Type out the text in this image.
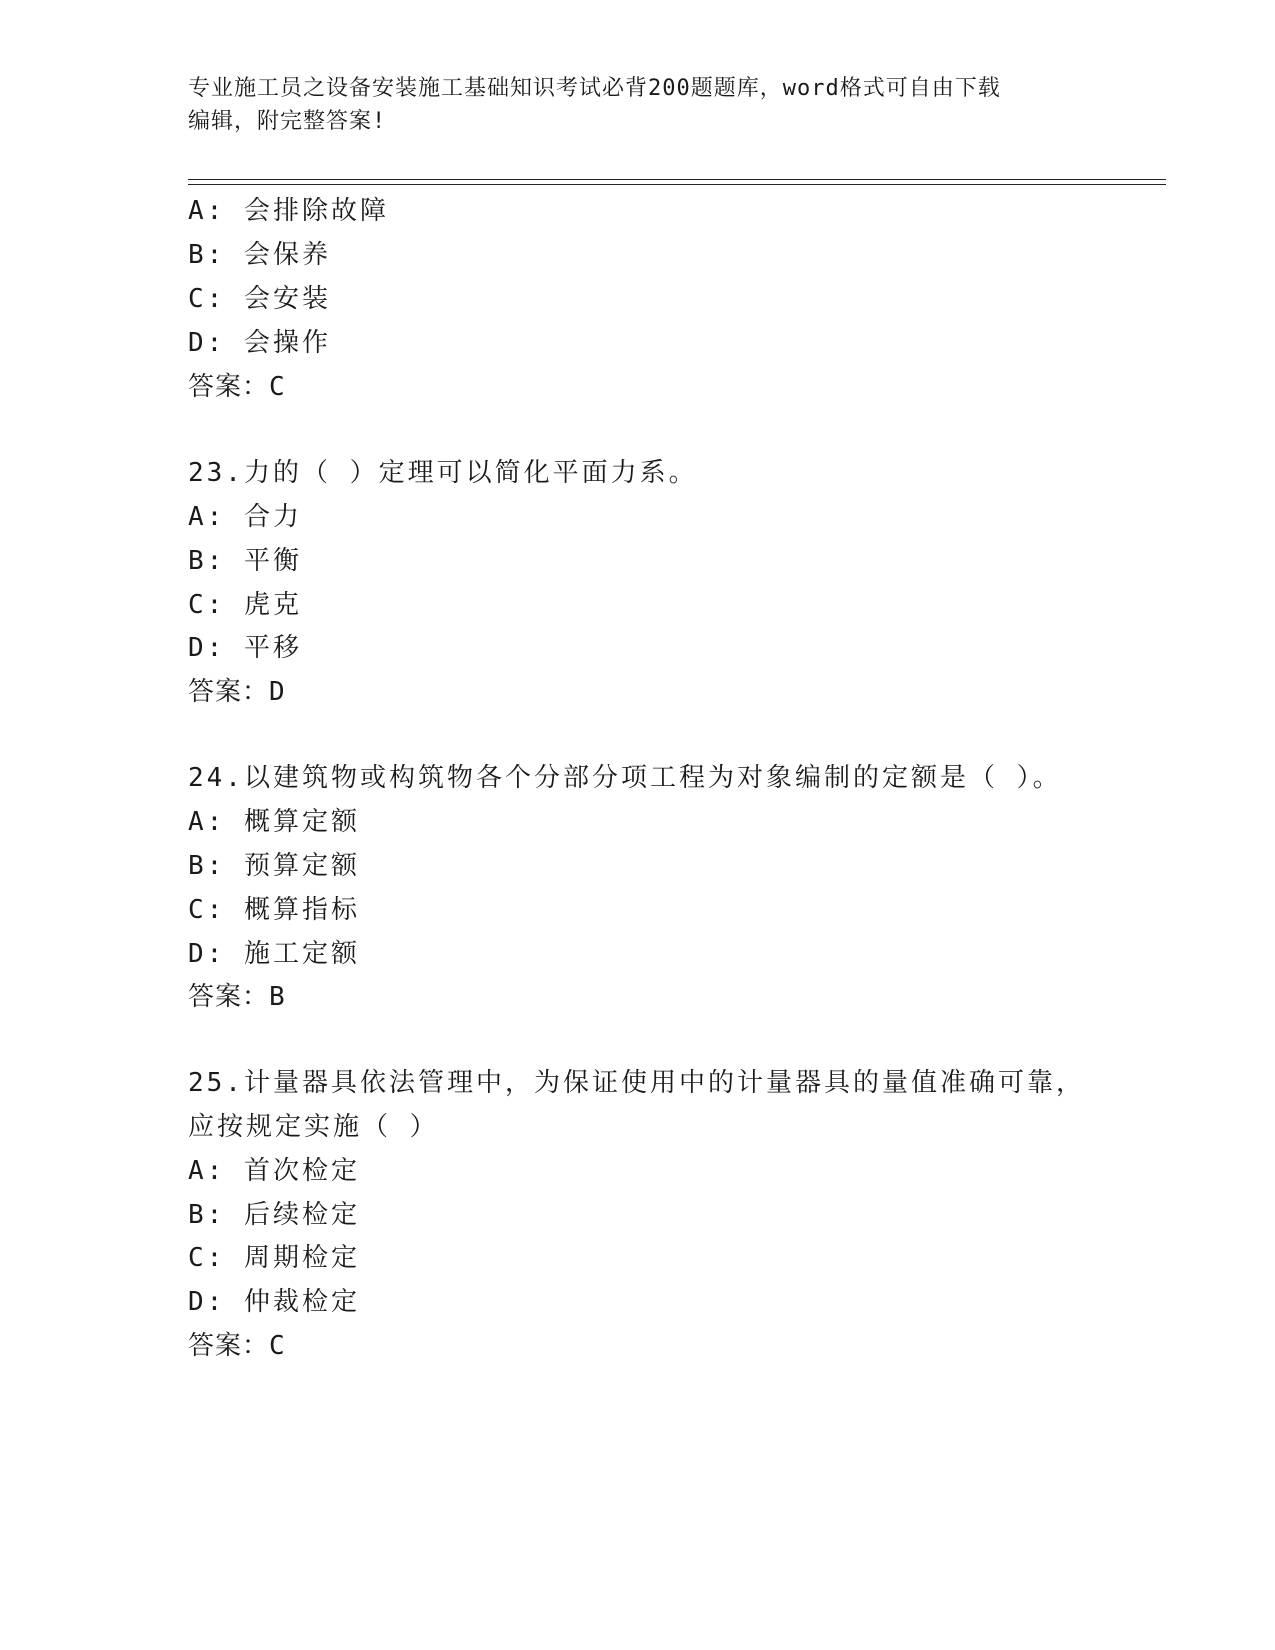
专业施工员之设备安装施工基础知识考试必背200题题库，word格式可自由下载
编辑，附完整答案!
A: 会排除故障
B: 会保养
C: 会安装
D: 会操作
答案：C
23.力的（ ）定理可以简化平面力系。
A: 合力
B: 平衡
C: 虎克
D: 平移
答案：D
24.以建筑物或构筑物各个分部分项工程为对象编制的定额是（ ）。
A: 概算定额
B: 预算定额
C: 概算指标
D: 施工定额
答案：B
25.计量器具依法管理中，为保证使用中的计量器具的量值准确可靠，
应按规定实施（ ）
A: 首次检定
B: 后续检定
C: 周期检定
D: 仲裁检定
答案：C
